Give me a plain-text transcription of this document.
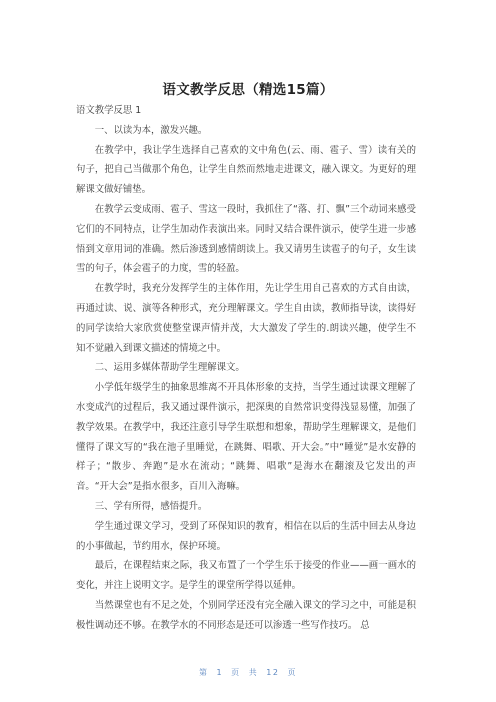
语文教学反思（精选15篇）

语文教学反思 1

一、以读为本，激发兴趣。

在教学中，我让学生选择自己喜欢的文中角色(云、雨、雹子、雪）读有关的句子，把自己当做那个角色，让学生自然而然地走进课文，融入课文。为更好的理解课文做好铺垫。

在教学云变成雨、雹子、雪这一段时，我抓住了“落、打、飘”三个动词来感受它们的不同特点，让学生加动作表演出来。同时又结合课件演示，使学生进一步感悟到文章用词的准确。然后渗透到感情朗读上。我又请男生读雹子的句子，女生读雪的句子，体会雹子的力度，雪的轻盈。

在教学时，我充分发挥学生的主体作用，先让学生用自己喜欢的方式自由读，再通过读、说、演等各种形式，充分理解课文。学生自由读，教师指导读，读得好的同学读给大家欣赏使整堂课声情并茂，大大激发了学生的.朗读兴趣，使学生不知不觉融入到课文描述的情境之中。

二、运用多媒体帮助学生理解课文。

小学低年级学生的抽象思维离不开具体形象的支持，当学生通过读课文理解了水变成汽的过程后，我又通过课件演示，把深奥的自然常识变得浅显易懂，加强了教学效果。在教学中，我还注意引导学生联想和想象，帮助学生理解课文，是他们懂得了课文写的“我在池子里睡觉，在跳舞、唱歌、开大会。”中“睡觉”是水安静的样子；“散步、奔跑”是水在流动；“跳舞、唱歌”是海水在翻滚及它发出的声音。“开大会”是指水很多，百川入海嘛。

三、学有所得，感悟提升。

学生通过课文学习，受到了环保知识的教育，相信在以后的生活中回去从身边的小事做起，节约用水，保护环境。

最后，在课程结束之际，我又布置了一个学生乐于接受的作业——画一画水的变化，并注上说明文字。是学生的课堂所学得以延伸。

当然课堂也有不足之处，个别同学还没有完全融入课文的学习之中，可能是积极性调动还不够。在教学水的不同形态是还可以渗透一些写作技巧。 总

第 1 页 共 12 页
